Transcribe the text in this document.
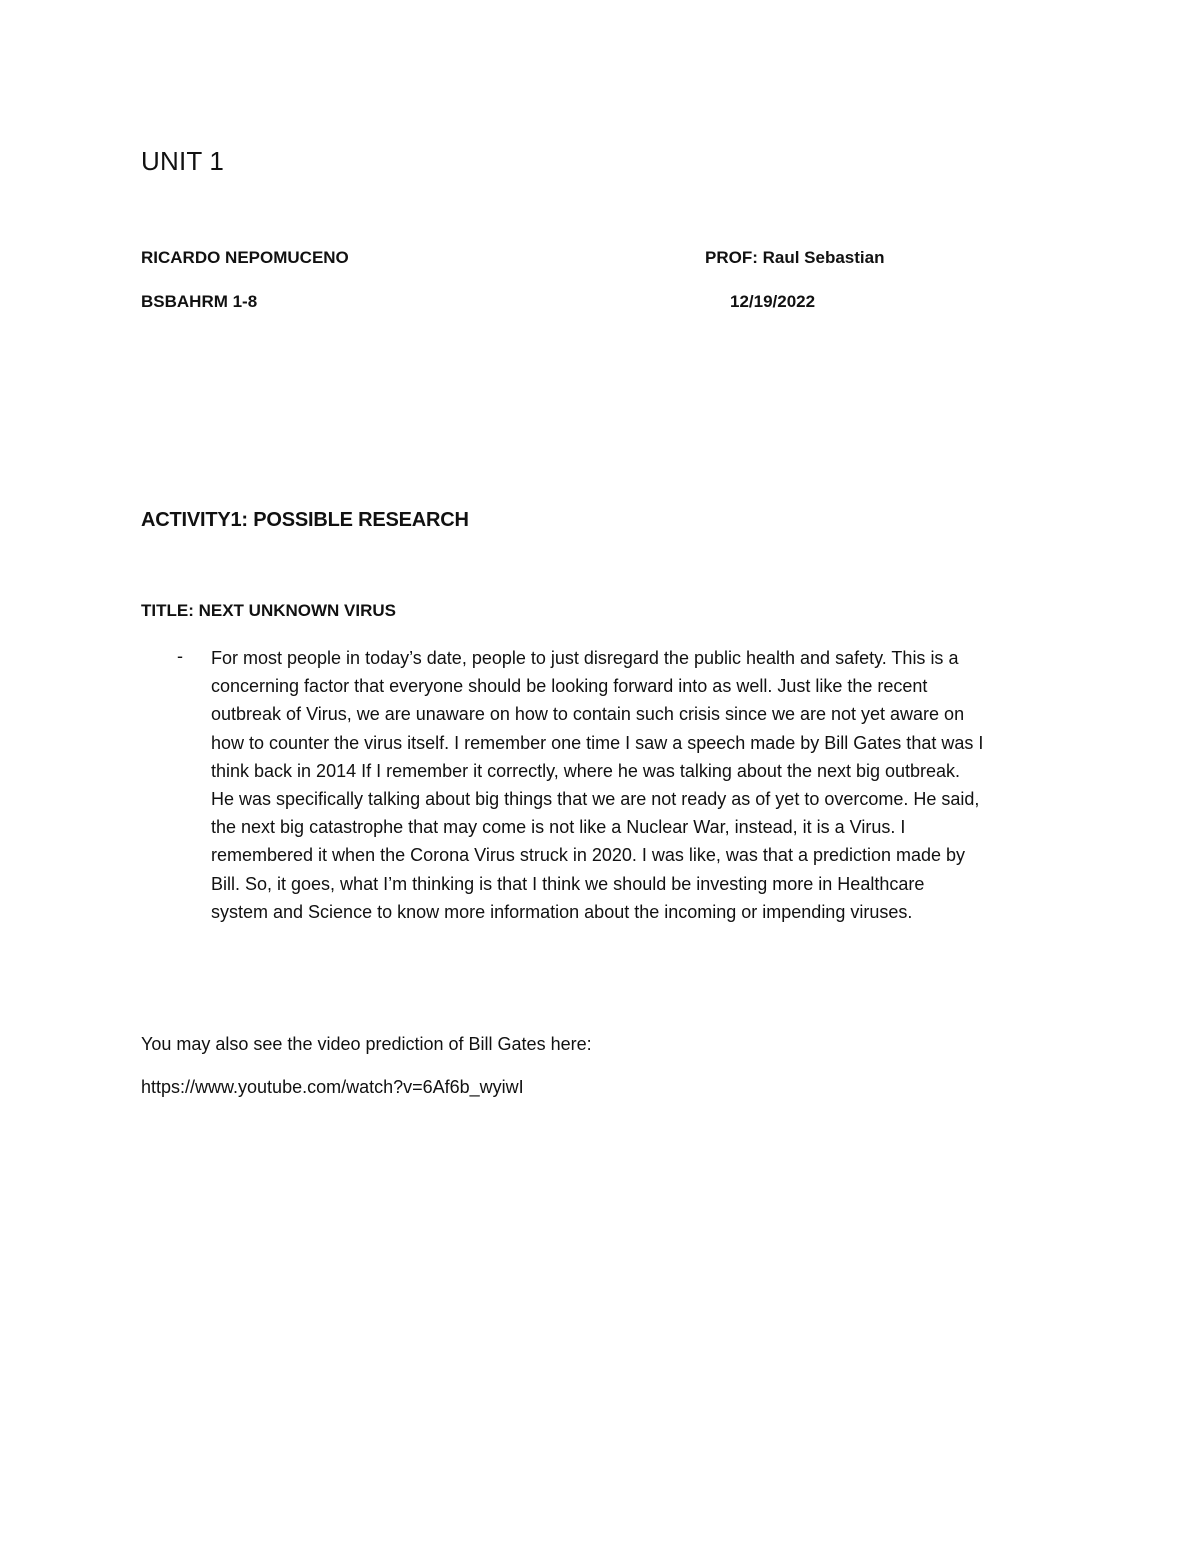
UNIT 1
RICARDO NEPOMUCENO	PROF: Raul Sebastian
BSBAHRM 1-8	12/19/2022
ACTIVITY1: POSSIBLE RESEARCH
TITLE: NEXT UNKNOWN VIRUS
- For most people in today’s date, people to just disregard the public health and safety. This is a
concerning factor that everyone should be looking forward into as well. Just like the recent
outbreak of Virus, we are unaware on how to contain such crisis since we are not yet aware on
how to counter the virus itself. I remember one time I saw a speech made by Bill Gates that was I
think back in 2014 If I remember it correctly, where he was talking about the next big outbreak.
He was specifically talking about big things that we are not ready as of yet to overcome. He said,
the next big catastrophe that may come is not like a Nuclear War, instead, it is a Virus. I
remembered it when the Corona Virus struck in 2020. I was like, was that a prediction made by
Bill. So, it goes, what I’m thinking is that I think we should be investing more in Healthcare
system and Science to know more information about the incoming or impending viruses.
You may also see the video prediction of Bill Gates here:
https://www.youtube.com/watch?v=6Af6b_wyiwI
